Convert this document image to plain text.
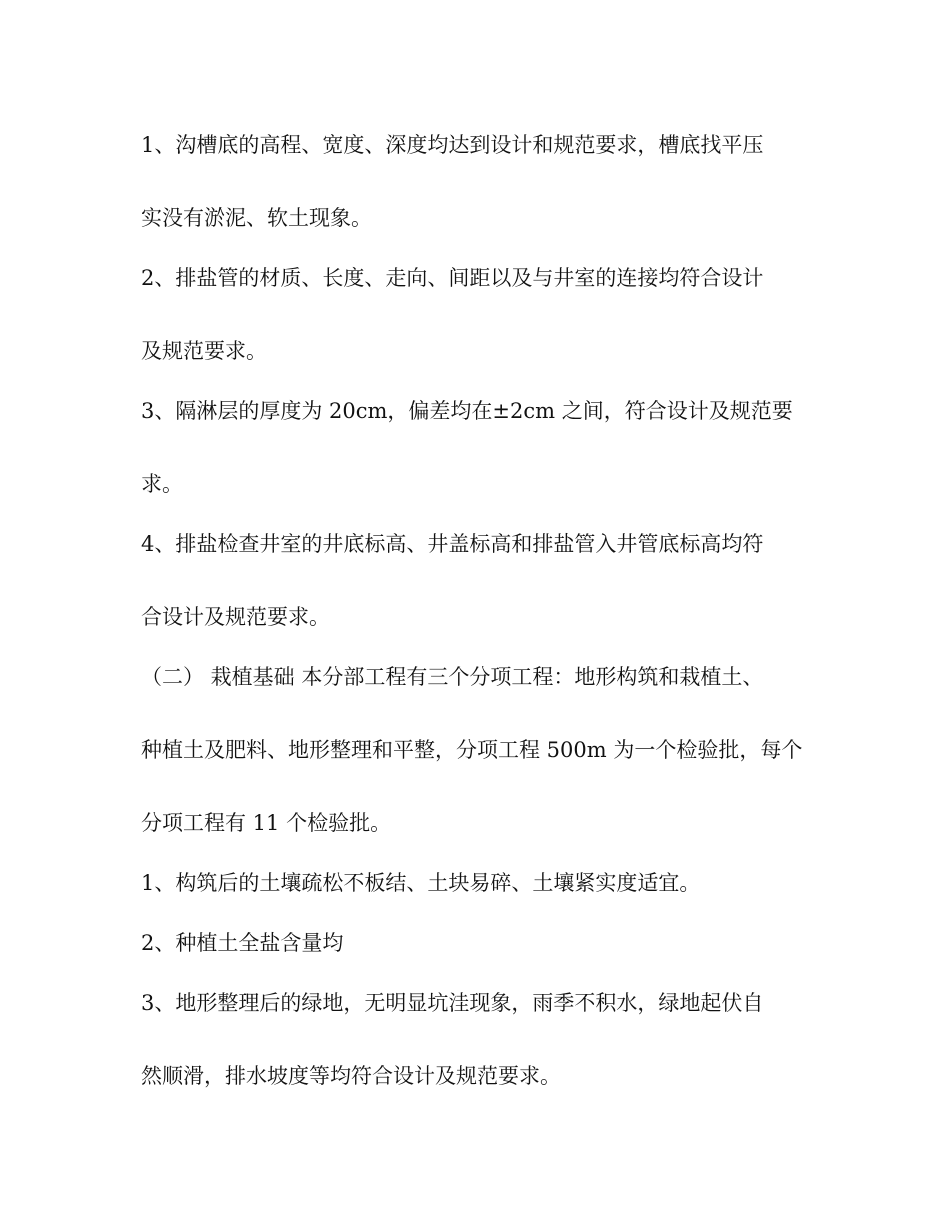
1、沟槽底的高程、宽度、深度均达到设计和规范要求，槽底找平压

实没有淤泥、软土现象。

2、排盐管的材质、长度、走向、间距以及与井室的连接均符合设计

及规范要求。

3、隔淋层的厚度为 20cm，偏差均在±2cm 之间，符合设计及规范要

求。

4、排盐检查井室的井底标高、井盖标高和排盐管入井管底标高均符

合设计及规范要求。

（二） 栽植基础 本分部工程有三个分项工程：地形构筑和栽植土、

种植土及肥料、地形整理和平整，分项工程 500m 为一个检验批，每个

分项工程有 11 个检验批。

1、构筑后的土壤疏松不板结、土块易碎、土壤紧实度适宜。

2、种植土全盐含量均

3、地形整理后的绿地，无明显坑洼现象，雨季不积水，绿地起伏自

然顺滑，排水坡度等均符合设计及规范要求。
